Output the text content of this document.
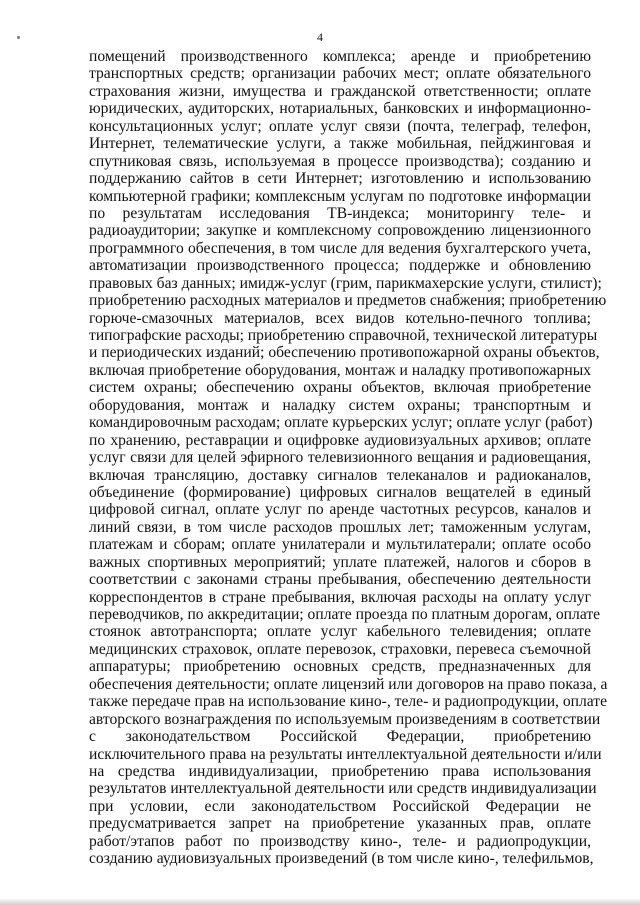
4
помещений производственного комплекса; аренде и приобретению
транспортных средств; организации рабочих мест; оплате обязательного
страхования жизни, имущества и гражданской ответственности; оплате
юридических, аудиторских, нотариальных, банковских и информационно-
консультационных услуг; оплате услуг связи (почта, телеграф, телефон,
Интернет, телематические услуги, а также мобильная, пейджинговая и
спутниковая связь, используемая в процессе производства); созданию и
поддержанию сайтов в сети Интернет; изготовлению и использованию
компьютерной графики; комплексным услугам по подготовке информации
по результатам исследования ТВ-индекса; мониторингу теле- и
радиоаудитории; закупке и комплексному сопровождению лицензионного
программного обеспечения, в том числе для ведения бухгалтерского учета,
автоматизации производственного процесса; поддержке и обновлению
правовых баз данных; имидж-услуг (грим, парикмахерские услуги, стилист);
приобретению расходных материалов и предметов снабжения; приобретению
горюче-смазочных материалов, всех видов котельно-печного топлива;
типографские расходы; приобретению справочной, технической литературы
и периодических изданий; обеспечению противопожарной охраны объектов,
включая приобретение оборудования, монтаж и наладку противопожарных
систем охраны; обеспечению охраны объектов, включая приобретение
оборудования, монтаж и наладку систем охраны; транспортным и
командировочным расходам; оплате курьерских услуг; оплате услуг (работ)
по хранению, реставрации и оцифровке аудиовизуальных архивов; оплате
услуг связи для целей эфирного телевизионного вещания и радиовещания,
включая трансляцию, доставку сигналов телеканалов и радиоканалов,
объединение (формирование) цифровых сигналов вещателей в единый
цифровой сигнал, оплате услуг по аренде частотных ресурсов, каналов и
линий связи, в том числе расходов прошлых лет; таможенным услугам,
платежам и сборам; оплате унилатерали и мультилатерали; оплате особо
важных спортивных мероприятий; уплате платежей, налогов и сборов в
соответствии с законами страны пребывания, обеспечению деятельности
корреспондентов в стране пребывания, включая расходы на оплату услуг
переводчиков, по аккредитации; оплате проезда по платным дорогам, оплате
стоянок автотранспорта; оплате услуг кабельного телевидения; оплате
медицинских страховок, оплате перевозок, страховки, перевеса съемочной
аппаратуры; приобретению основных средств, предназначенных для
обеспечения деятельности; оплате лицензий или договоров на право показа, а
также передаче прав на использование кино-, теле- и радиопродукции, оплате
авторского вознаграждения по используемым произведениям в соответствии
с законодательством Российской Федерации, приобретению
исключительного права на результаты интеллектуальной деятельности и/или
на средства индивидуализации, приобретению права использования
результатов интеллектуальной деятельности или средств индивидуализации
при условии, если законодательством Российской Федерации не
предусматривается запрет на приобретение указанных прав, оплате
работ/этапов работ по производству кино-, теле- и радиопродукции,
созданию аудиовизуальных произведений (в том числе кино-, телефильмов,
